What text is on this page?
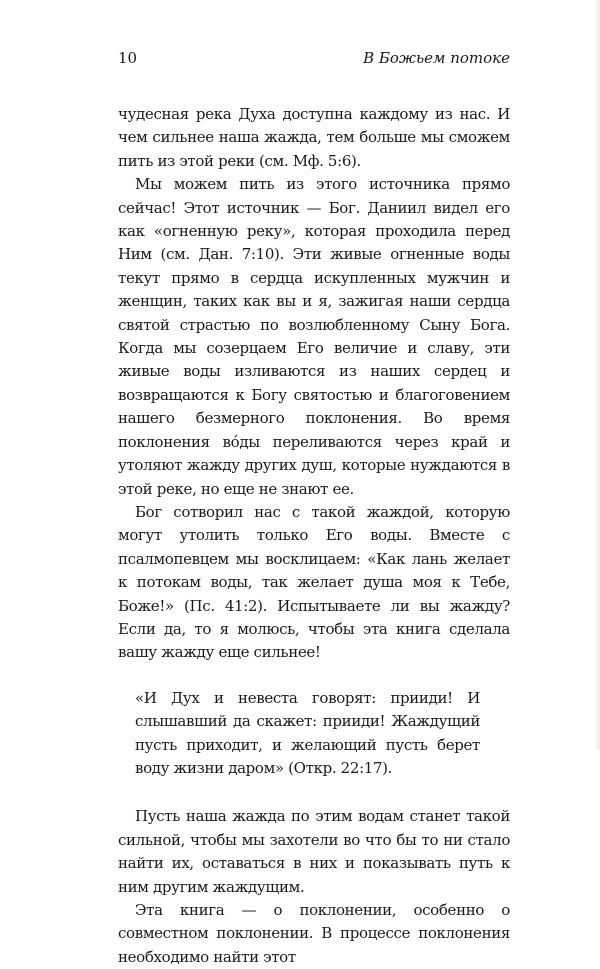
10	В Божьем потоке

чудесная река Духа доступна каждому из нас. И чем сильнее наша жажда, тем больше мы сможем пить из этой реки (см. Мф. 5:6).

Мы можем пить из этого источника прямо сейчас! Этот источник — Бог. Даниил видел его как «огненную реку», которая проходила перед Ним (см. Дан. 7:10). Эти живые огненные воды текут прямо в сердца искупленных мужчин и женщин, таких как вы и я, зажигая наши сердца святой страстью по возлюбленному Сыну Бога. Когда мы созерцаем Его величие и славу, эти живые воды изливаются из наших сердец и возвращаются к Богу святостью и благоговением нашего безмерного поклонения. Во время поклонения вóды переливаются через край и утоляют жажду других душ, которые нуждаются в этой реке, но еще не знают ее.

Бог сотворил нас с такой жаждой, которую могут утолить только Его воды. Вместе с псалмопевцем мы восклицаем: «Как лань желает к потокам воды, так желает душа моя к Тебе, Боже!» (Пс. 41:2). Испытываете ли вы жажду? Если да, то я молюсь, чтобы эта книга сделала вашу жажду еще сильнее!

«И Дух и невеста говорят: прииди! И слышавший да скажет: прииди! Жаждущий пусть приходит, и желающий пусть берет воду жизни даром» (Откр. 22:17).

Пусть наша жажда по этим водам станет такой сильной, чтобы мы захотели во что бы то ни стало найти их, оставаться в них и показывать путь к ним другим жаждущим.

Эта книга — о поклонении, особенно о совместном поклонении. В процессе поклонения необходимо найти этот
